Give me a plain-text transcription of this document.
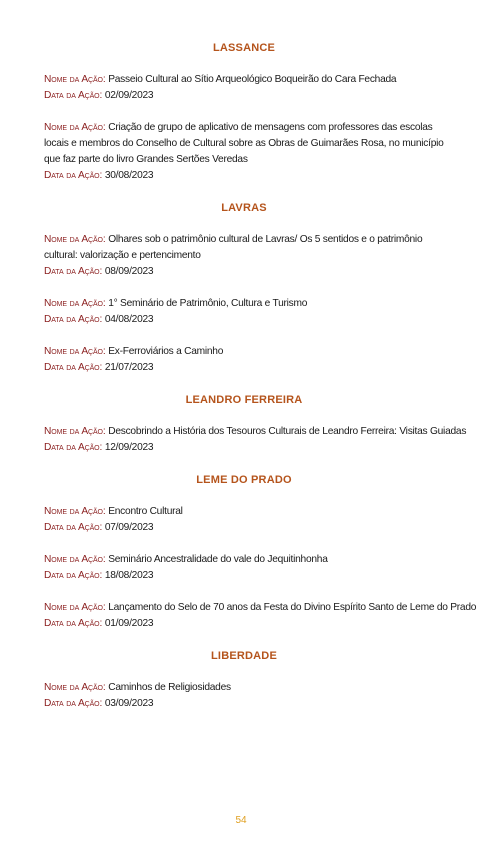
LASSANCE
Nome da Ação: Passeio Cultural ao Sítio Arqueológico Boqueirão do Cara Fechada
Data da Ação: 02/09/2023
Nome da Ação: Criação de grupo de aplicativo de mensagens com professores das escolas locais e membros do Conselho de Cultural sobre as Obras de Guimarães Rosa, no município que faz parte do livro Grandes Sertões Veredas
Data da Ação: 30/08/2023
LAVRAS
Nome da Ação: Olhares sob o patrimônio cultural de Lavras/ Os 5 sentidos e o patrimônio cultural: valorização e pertencimento
Data da Ação: 08/09/2023
Nome da Ação: 1° Seminário de Patrimônio, Cultura e Turismo
Data da Ação: 04/08/2023
Nome da Ação: Ex-Ferroviários a Caminho
Data da Ação: 21/07/2023
LEANDRO FERREIRA
Nome da Ação: Descobrindo a História dos Tesouros Culturais de Leandro Ferreira: Visitas Guiadas
Data da Ação: 12/09/2023
LEME DO PRADO
Nome da Ação: Encontro Cultural
Data da Ação: 07/09/2023
Nome da Ação: Seminário Ancestralidade do vale do Jequitinhonha
Data da Ação: 18/08/2023
Nome da Ação: Lançamento do Selo de 70 anos da Festa do Divino Espírito Santo de Leme do Prado
Data da Ação: 01/09/2023
LIBERDADE
Nome da Ação: Caminhos de Religiosidades
Data da Ação: 03/09/2023
54
